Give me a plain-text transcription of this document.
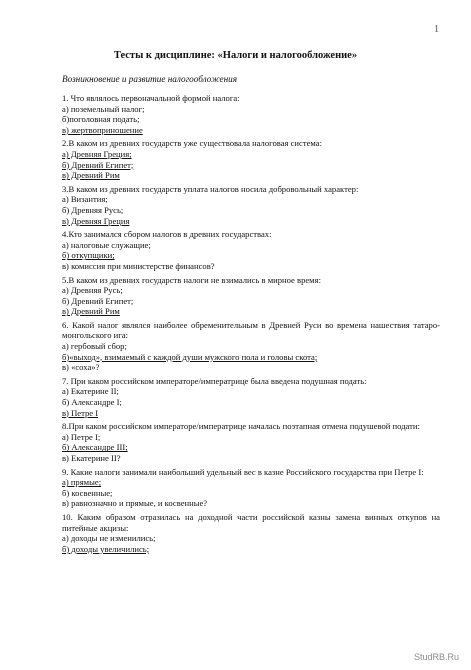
1
Тесты к дисциплине: «Налоги и налогообложение»
Возникновение и развитие налогообложения
1. Что являлось первоначальной формой налога:
а) поземельный налог;
б)поголовная подать;
в) жертвоприношение
2.В каком из древних государств уже существовала налоговая система:
а) Древняя Греция;
б) Древний Египет;
в) Древний Рим
3.В каком из древних государств уплата налогов носила добровольный характер:
а) Византия;
б) Древняя Русь;
в) Древняя Греция
4.Кто занимался сбором налогов в древних государствах:
а) налоговые служащие;
б) откупщики;
в) комиссия при министерстве финансов?
5.В каком из древних государств налоги не взимались в мирное время:
а) Древняя Русь;
б) Древний Египет;
в) Древний Рим
6. Какой налог являлся наиболее обременительным в Древней Руси во времена нашествия татаро-монгольского ига:
а) гербовый сбор;
б)«выход», взимаемый с каждой души мужского пола и головы скота;
в) «соха»?
7. При каком российском императоре/императрице была введена подушная подать:
а) Екатерине II;
б) Александре I;
в) Петре I
8.При каком российском императоре/императрице началась поэтапная отмена подушевой подати:
а) Петре I;
б) Александре III;
в) Екатерине II?
9. Какие налоги занимали наибольший удельный вес в казне Российского государства при Петре I:
а) прямые;
б) косвенные;
в) равнозначно и прямые, и косвенные?
10. Каким образом отразилась на доходной части российской казны замена винных откупов на питейные акцизы:
а) доходы не изменились;
б) доходы увеличились;
StudRB.Ru
